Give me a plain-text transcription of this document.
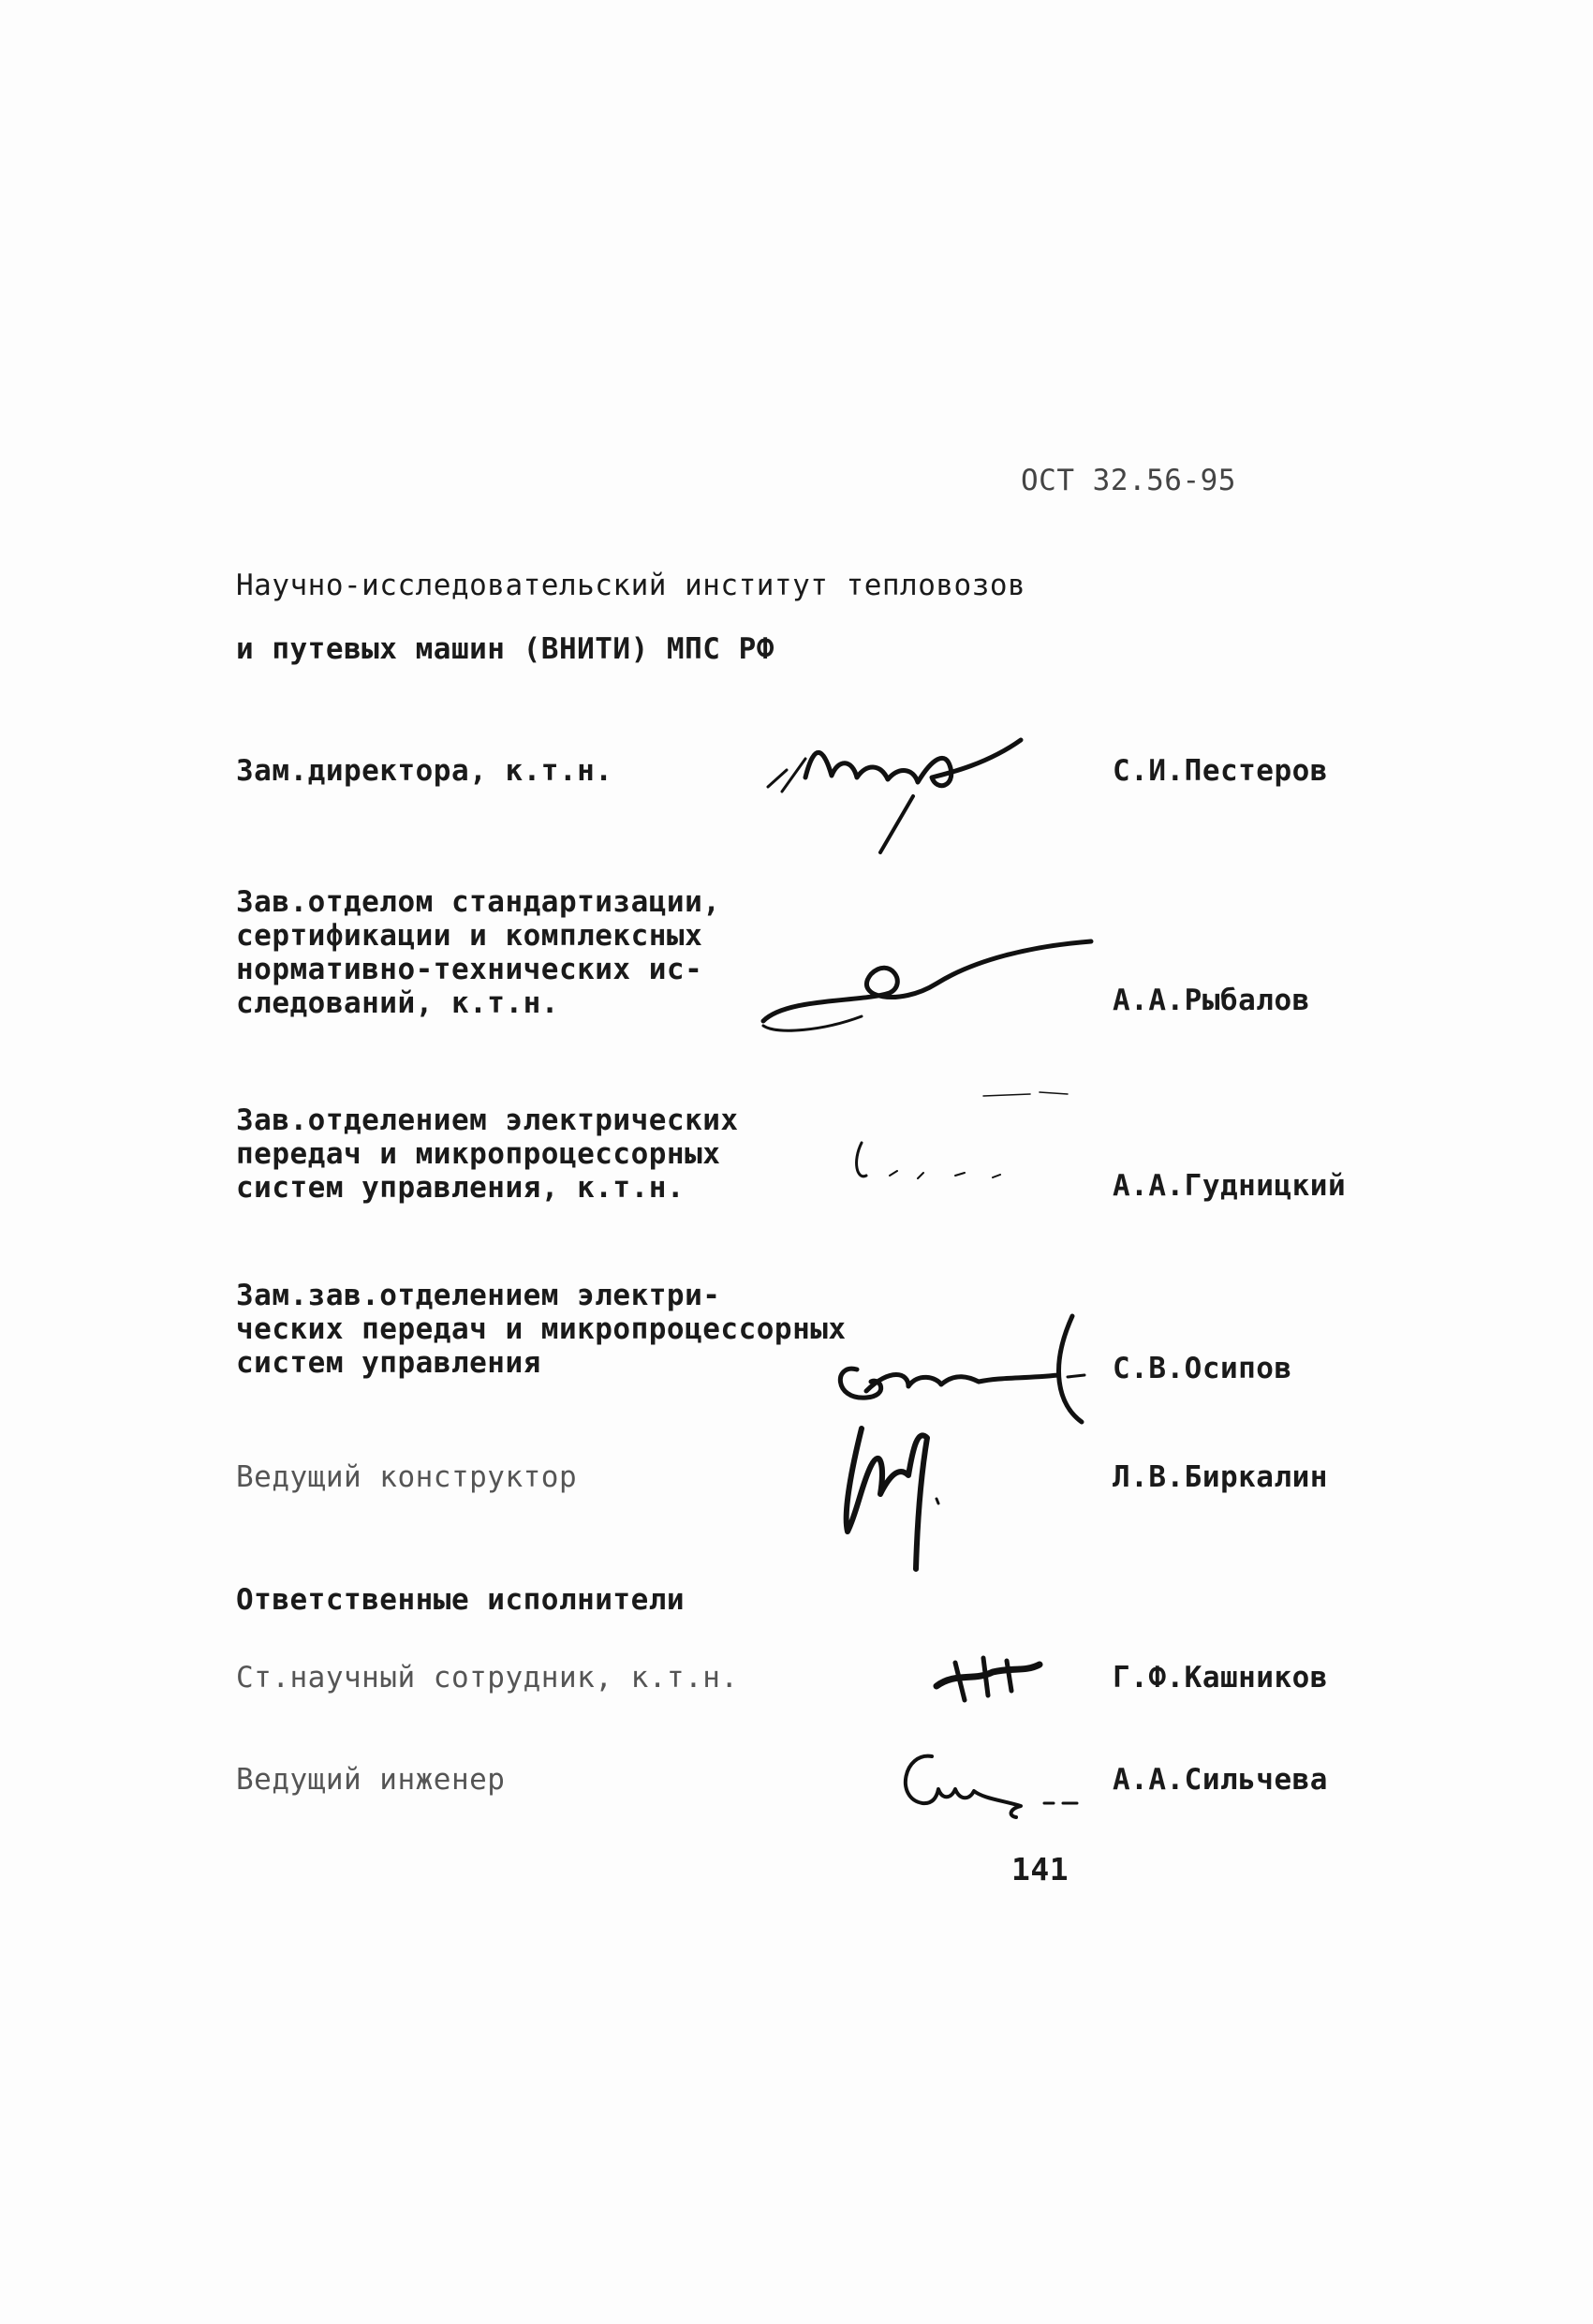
ОСТ 32.56-95
Научно-исследовательский институт тепловозов
и путевых машин (ВНИТИ) МПС РФ
Зам.директора, к.т.н.	С.И.Пестеров
Зав.отделом стандартизации,
сертификации и комплексных
нормативно-технических ис-
следований, к.т.н.	А.А.Рыбалов
Зав.отделением электрических
передач и микропроцессорных
систем управления, к.т.н.	А.А.Гудницкий
Зам.зав.отделением электри-
ческих передач и микропроцессорных
систем управления	С.В.Осипов
Ведущий конструктор	Л.В.Биркалин
Ответственные исполнители
Ст.научный сотрудник, к.т.н.	Г.Ф.Кашников
Ведущий инженер	А.А.Сильчева
141
